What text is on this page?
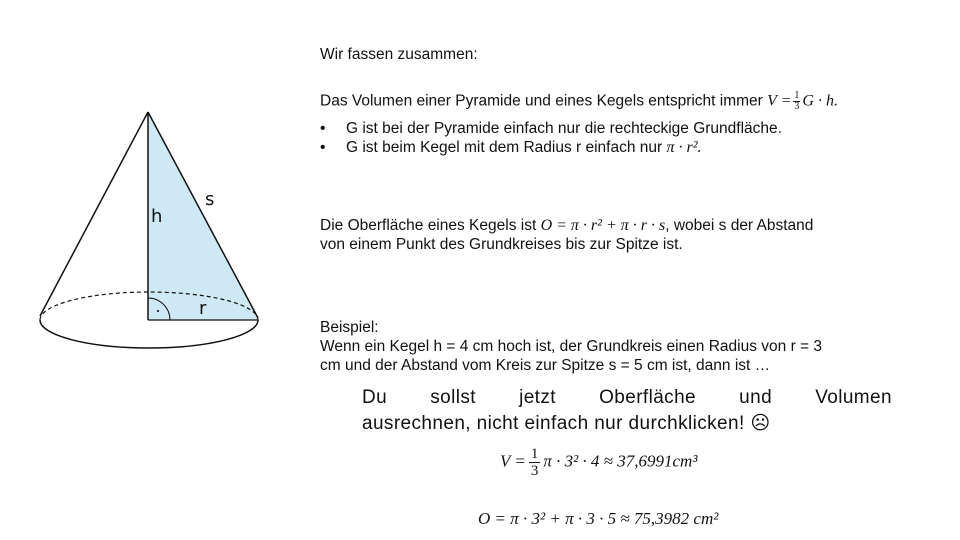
h
s
r
·
Wir fassen zusammen:
Das Volumen einer Pyramide und eines Kegels entspricht immer $V = \frac{1}{3}$ G · h.
• G ist bei der Pyramide einfach nur die rechteckige Grundfläche.
• G ist beim Kegel mit dem Radius r einfach nur π · r².
Die Oberfläche eines Kegels ist O = π · r² + π · r · s, wobei s der Abstand
von einem Punkt des Grundkreises bis zur Spitze ist.
Beispiel:
Wenn ein Kegel h = 4 cm hoch ist, der Grundkreis einen Radius von r = 3
cm und der Abstand vom Kreis zur Spitze s = 5 cm ist, dann ist …
Du sollst jetzt Oberfläche und Volumen
ausrechnen, nicht einfach nur durchklicken! ☹
$V = \frac{1}{3}$ π · 3² · 4 ≈ 37,6991cm³
O = π · 3² + π · 3 · 5 ≈ 75,3982 cm²
